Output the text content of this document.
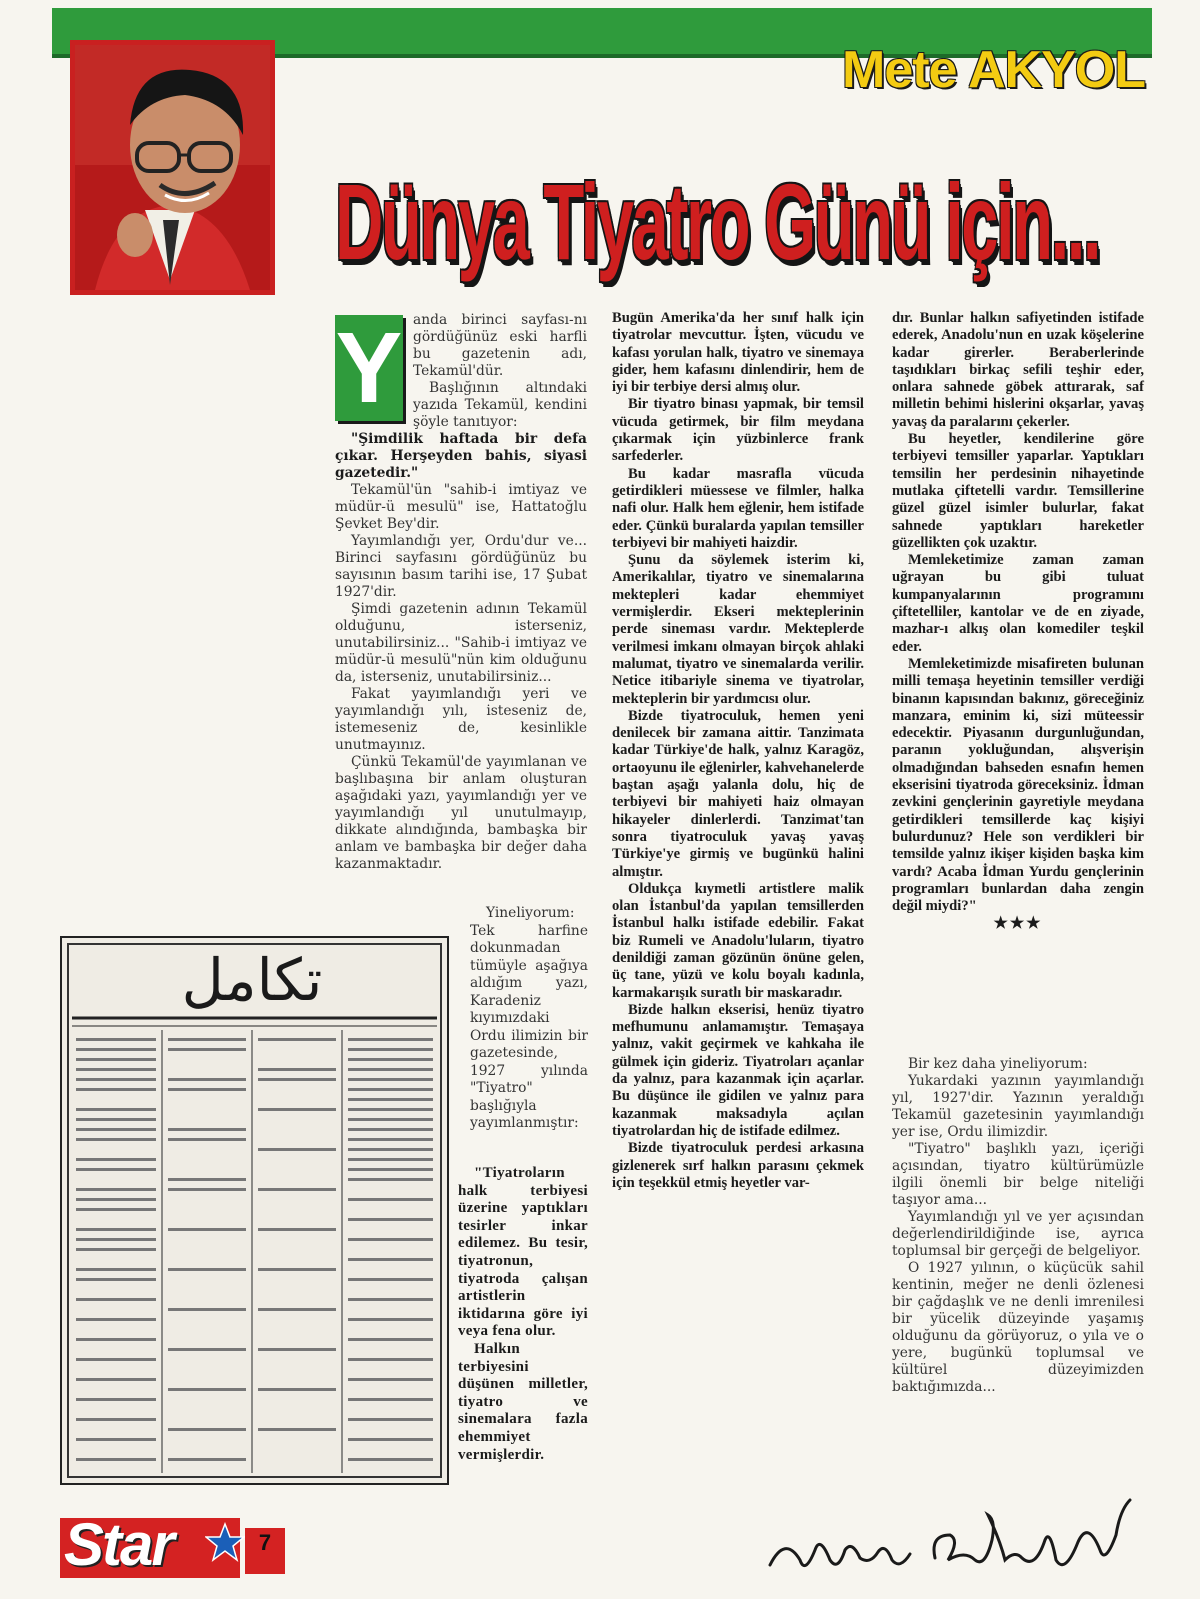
Mete AKYOL
Dünya Tiyatro Günü için...
Y anda birinci sayfası-nı gördüğünüz eski harfli bu gazetenin adı, Tekamül'dür.

Başlığının altındaki yazıda Tekamül, kendini şöyle tanıtıyor:

"Şimdilik haftada bir defa çıkar. Herşeyden bahis, siyasi gazetedir."

Tekamül'ün "sahib-i imtiyaz ve müdür-ü mesulü" ise, Hattatoğlu Şevket Bey'dir.

Yayımlandığı yer, Ordu'dur ve... Birinci sayfasını gördüğünüz bu sayısının basım tarihi ise, 17 Şubat 1927'dir.

Şimdi gazetenin adının Tekamül olduğunu, isterseniz, unutabilirsiniz... "Sahib-i imtiyaz ve müdür-ü mesulü"nün kim olduğunu da, isterseniz, unutabilirsiniz...

Fakat yayımlandığı yeri ve yayımlandığı yılı, isteseniz de, istemeseniz de, kesinlikle unutmayınız.

Çünkü Tekamül'de yayımlanan ve başlıbaşına bir anlam oluşturan aşağıdaki yazı, yayımlandığı yer ve yayımlandığı yıl unutulmayıp, dikkate alındığında, bambaşka bir anlam ve bambaşka bir değer daha kazanmaktadır.

تكامل

Yineliyorum: Tek harfine dokunmadan tümüyle aşağıya aldığım yazı, Karadeniz kıyımızdaki Ordu ilimizin bir gazetesinde, 1927 yılında "Tiyatro" başlığıyla yayımlanmıştır:

"Tiyatroların halk terbiyesi üzerine yaptıkları tesirler inkar edilemez. Bu tesir, tiyatronun, tiyatroda çalışan artistlerin iktidarına göre iyi veya fena olur.

Halkın terbiyesini düşünen milletler, tiyatro ve sinemalara fazla ehemmiyet vermişlerdir.

Bugün Amerika'da her sınıf halk için tiyatrolar mevcuttur. İşten, vücudu ve kafası yorulan halk, tiyatro ve sinemaya gider, hem kafasını dinlendirir, hem de iyi bir terbiye dersi almış olur.

Bir tiyatro binası yapmak, bir temsil vücuda getirmek, bir film meydana çıkarmak için yüzbinlerce frank sarfederler.

Bu kadar masrafla vücuda getirdikleri müessese ve filmler, halka nafi olur. Halk hem eğlenir, hem istifade eder. Çünkü buralarda yapılan temsiller terbiyevi bir mahiyeti haizdir.

Şunu da söylemek isterim ki, Amerikalılar, tiyatro ve sinemalarına mektepleri kadar ehemmiyet vermişlerdir. Ekseri mekteplerinin perde sineması vardır. Mekteplerde verilmesi imkanı olmayan birçok ahlaki malumat, tiyatro ve sinemalarda verilir. Netice itibariyle sinema ve tiyatrolar, mekteplerin bir yardımcısı olur.

Bizde tiyatroculuk, hemen yeni denilecek bir zamana aittir. Tanzimata kadar Türkiye'de halk, yalnız Karagöz, ortaoyunu ile eğlenirler, kahvehanelerde baştan aşağı yalanla dolu, hiç de terbiyevi bir mahiyeti haiz olmayan hikayeler dinlerlerdi. Tanzimat'tan sonra tiyatroculuk yavaş yavaş Türkiye'ye girmiş ve bugünkü halini almıştır.

Oldukça kıymetli artistlere malik olan İstanbul'da yapılan temsillerden İstanbul halkı istifade edebilir. Fakat biz Rumeli ve Anadolu'luların, tiyatro denildiği zaman gözünün önüne gelen, üç tane, yüzü ve kolu boyalı kadınla, karmakarışık suratlı bir maskaradır.

Bizde halkın ekserisi, henüz tiyatro mefhumunu anlamamıştır. Temaşaya yalnız, vakit geçirmek ve kahkaha ile gülmek için gideriz. Tiyatroları açanlar da yalnız, para kazanmak için açarlar. Bu düşünce ile gidilen ve yalnız para kazanmak maksadıyla açılan tiyatrolardan hiç de istifade edilmez.

Bizde tiyatroculuk perdesi arkasına gizlenerek sırf halkın parasını çekmek için teşekkül etmiş heyetler var-

dır. Bunlar halkın safiyetinden istifade ederek, Anadolu'nun en uzak köşelerine kadar girerler. Beraberlerinde taşıdıkları birkaç sefili teşhir eder, onlara sahnede göbek attırarak, saf milletin behimi hislerini okşarlar, yavaş yavaş da paralarını çekerler.

Bu heyetler, kendilerine göre terbiyevi temsiller yaparlar. Yaptıkları temsilin her perdesinin nihayetinde mutlaka çiftetelli vardır. Temsillerine güzel güzel isimler bulurlar, fakat sahnede yaptıkları hareketler güzellikten çok uzaktır.

Memleketimize zaman zaman uğrayan bu gibi tuluat kumpanyalarının programını çiftetelliler, kantolar ve de en ziyade, mazhar-ı alkış olan komediler teşkil eder.

Memleketimizde misafireten bulunan milli temaşa heyetinin temsiller verdiği binanın kapısından bakınız, göreceğiniz manzara, eminim ki, sizi müteessir edecektir. Piyasanın durgunluğundan, paranın yokluğundan, alışverişin olmadığından bahseden esnafın hemen ekserisini tiyatroda göreceksiniz. İdman zevkini gençlerinin gayretiyle meydana getirdikleri temsillerde kaç kişiyi bulurdunuz? Hele son verdikleri bir temsilde yalnız ikişer kişiden başka kim vardı? Acaba İdman Yurdu gençlerinin programları bunlardan daha zengin değil miydi?"

★★★

Bir kez daha yineliyorum:

Yukardaki yazının yayımlandığı yıl, 1927'dir. Yazının yeraldığı Tekamül gazetesinin yayımlandığı yer ise, Ordu ilimizdir.

"Tiyatro" başlıklı yazı, içeriği açısından, tiyatro kültürümüzle ilgili önemli bir belge niteliği taşıyor ama...

Yayımlandığı yıl ve yer açısından değerlendirildiğinde ise, ayrıca toplumsal bir gerçeği de belgeliyor.

O 1927 yılının, o küçücük sahil kentinin, meğer ne denli özlenesi bir çağdaşlık ve ne denli imrenilesi bir yücelik düzeyinde yaşamış olduğunu da görüyoruz, o yıla ve o yere, bugünkü toplumsal ve kültürel düzeyimizden baktığımızda...

Star	7
